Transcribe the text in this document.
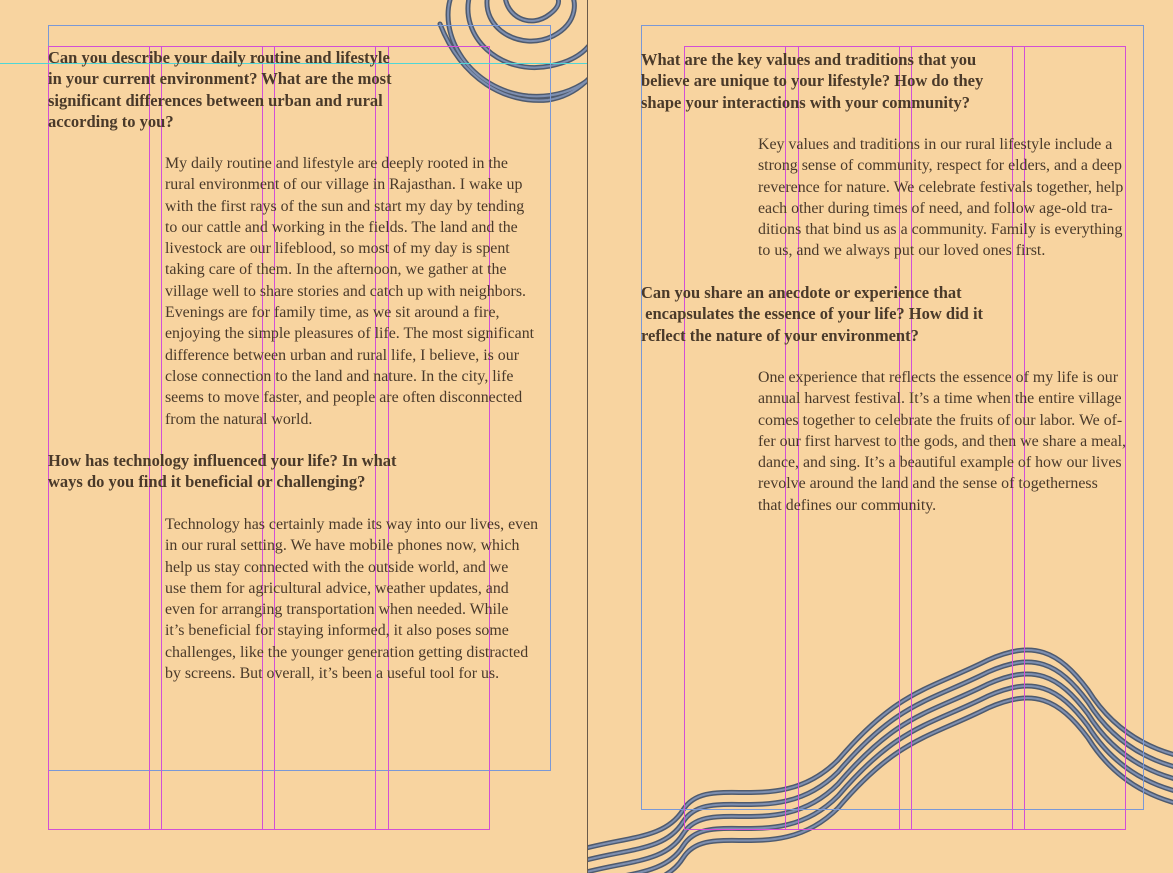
Can you describe your daily routine and lifestyle
in your current environment? What are the most
significant differences between urban and rural
according to you?
My daily routine and lifestyle are deeply rooted in the
rural environment of our village in Rajasthan. I wake up
with the first rays of the sun and start my day by tending
to our cattle and working in the fields. The land and the
livestock are our lifeblood, so most of my day is spent
taking care of them. In the afternoon, we gather at the
village well to share stories and catch up with neighbors.
Evenings are for family time, as we sit around a fire,
enjoying the simple pleasures of life. The most significant
difference between urban and rural life, I believe, is our
close connection to the land and nature. In the city, life
seems to move faster, and people are often disconnected
from the natural world.
How has technology influenced your life? In what
ways do you find it beneficial or challenging?
Technology has certainly made its way into our lives, even
in our rural setting. We have mobile phones now, which
help us stay connected with the outside world, and we
use them for agricultural advice, weather updates, and
even for arranging transportation when needed. While
it’s beneficial for staying informed, it also poses some
challenges, like the younger generation getting distracted
by screens. But overall, it’s been a useful tool for us.
What are the key values and traditions that you
believe are unique to your lifestyle? How do they
shape your interactions with your community?
Key values and traditions in our rural lifestyle include a
strong sense of community, respect for elders, and a deep
reverence for nature. We celebrate festivals together, help
each other during times of need, and follow age-old tra-
ditions that bind us as a community. Family is everything
to us, and we always put our loved ones first.
Can you share an anecdote or experience that
encapsulates the essence of your life? How did it
reflect the nature of your environment?
One experience that reflects the essence of my life is our
annual harvest festival. It’s a time when the entire village
comes together to celebrate the fruits of our labor. We of-
fer our first harvest to the gods, and then we share a meal,
dance, and sing. It’s a beautiful example of how our lives
revolve around the land and the sense of togetherness
that defines our community.
